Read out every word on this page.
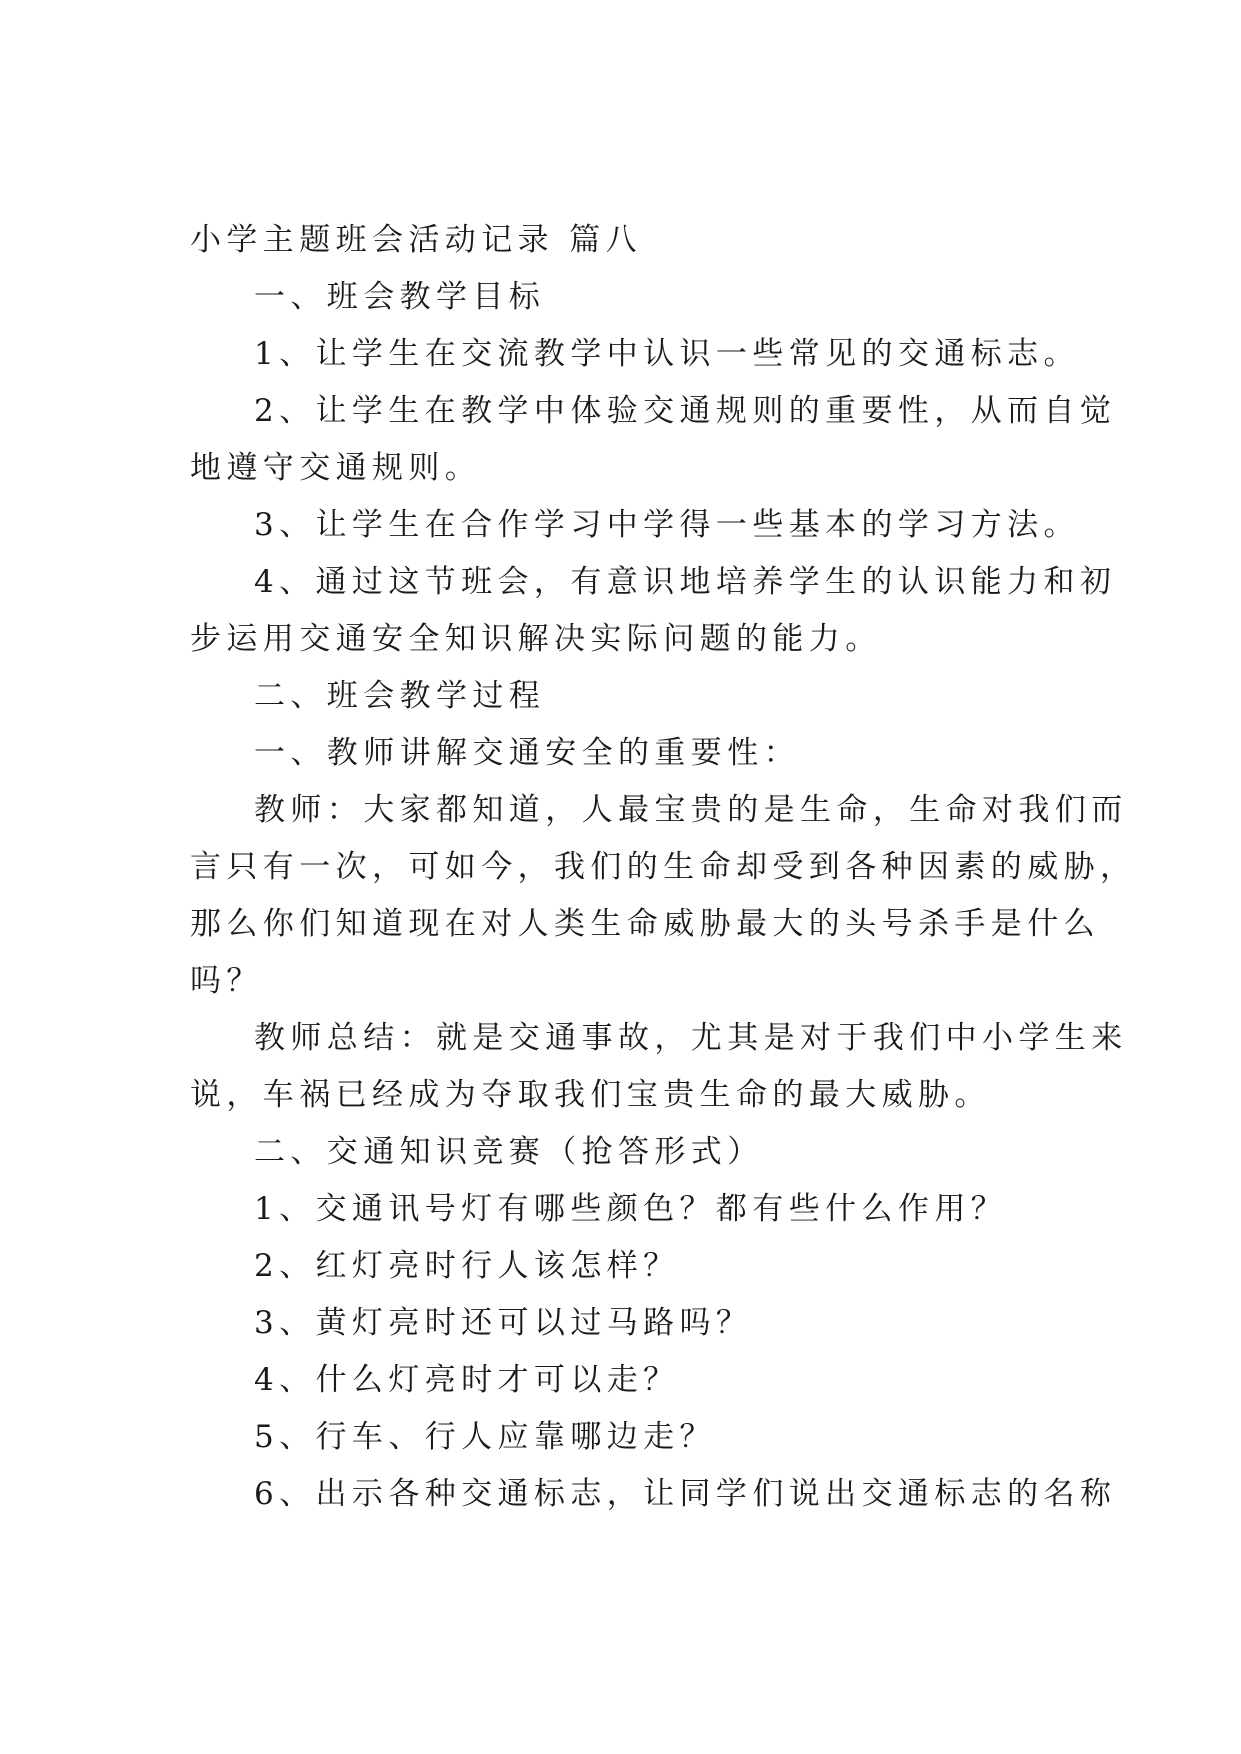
小学主题班会活动记录 篇八
一、班会教学目标
1、让学生在交流教学中认识一些常见的交通标志。
2、让学生在教学中体验交通规则的重要性，从而自觉
地遵守交通规则。
3、让学生在合作学习中学得一些基本的学习方法。
4、通过这节班会，有意识地培养学生的认识能力和初
步运用交通安全知识解决实际问题的能力。
二、班会教学过程
一、教师讲解交通安全的重要性：
教师：大家都知道，人最宝贵的是生命，生命对我们而
言只有一次，可如今，我们的生命却受到各种因素的威胁，
那么你们知道现在对人类生命威胁最大的头号杀手是什么
吗？
教师总结：就是交通事故，尤其是对于我们中小学生来
说，车祸已经成为夺取我们宝贵生命的最大威胁。
二、交通知识竞赛（抢答形式）
1、交通讯号灯有哪些颜色？都有些什么作用？
2、红灯亮时行人该怎样？
3、黄灯亮时还可以过马路吗？
4、什么灯亮时才可以走？
5、行车、行人应靠哪边走？
6、出示各种交通标志，让同学们说出交通标志的名称
